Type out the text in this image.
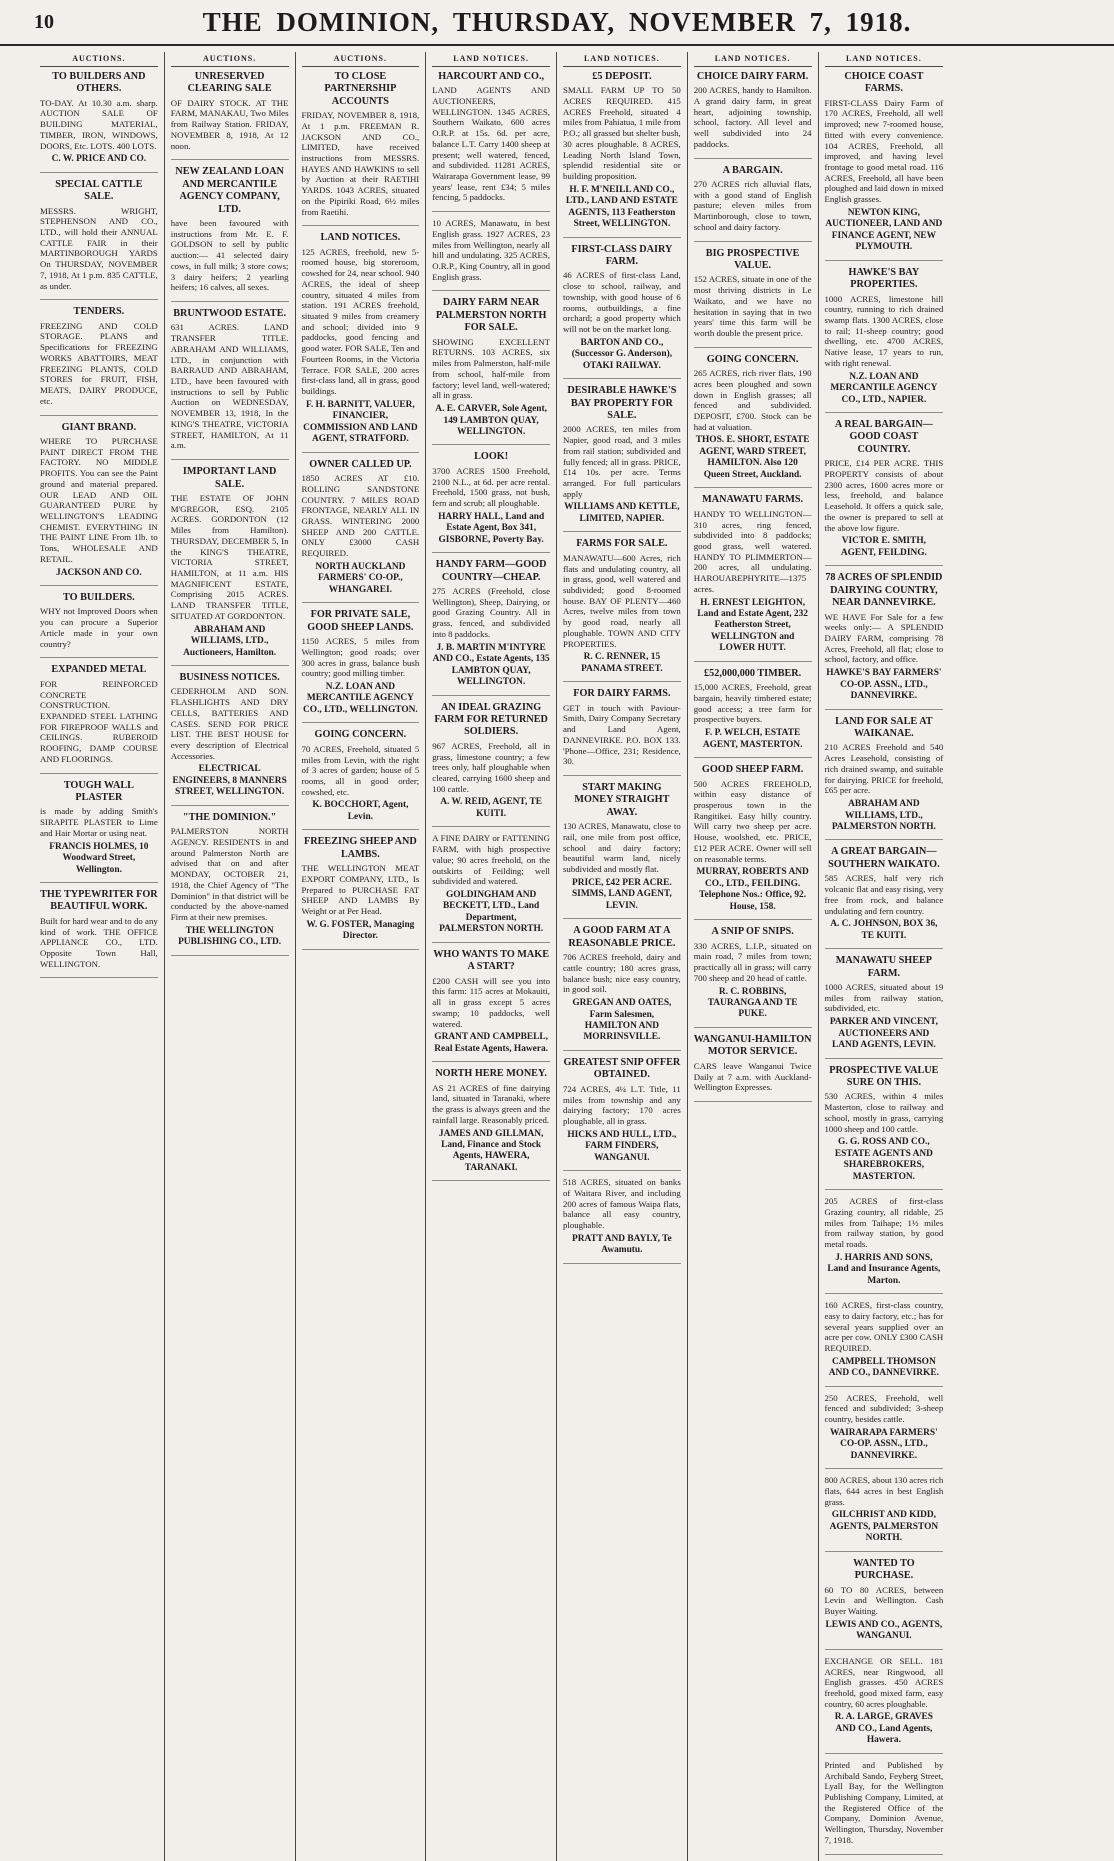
10	THE DOMINION, THURSDAY, NOVEMBER 7, 1918.
AUCTIONS.
TO BUILDERS AND OTHERS.

TO-DAY. At 10.30 a.m. sharp. AUCTION SALE OF BUILDING MATERIAL, TIMBER, IRON, WINDOWS, DOORS, Etc. LOTS. 400 LOTS.

C. W. PRICE AND CO.
SPECIAL CATTLE SALE.

MESSRS. WRIGHT, STEPHENSON AND CO., LTD., will hold their ANNUAL CATTLE FAIR in their MARTINBOROUGH YARDS On THURSDAY, NOVEMBER 7, 1918, At 1 p.m. 835 CATTLE, as under.

TENDERS.

FREEZING AND COLD STORAGE. PLANS and Specifications for FREEZING WORKS ABATTOIRS, MEAT FREEZING PLANTS, COLD STORES for FRUIT, FISH, MEATS, DAIRY PRODUCE, etc.

GIANT BRAND.

WHERE TO PURCHASE PAINT DIRECT FROM THE FACTORY. NO MIDDLE PROFITS. You can see the Paint ground and material prepared. OUR LEAD AND OIL GUARANTEED PURE by WELLINGTON'S LEADING CHEMIST. EVERYTHING IN THE PAINT LINE From 1lb. to Tons, WHOLESALE AND RETAIL.

JACKSON AND CO.
TO BUILDERS.

WHY not Improved Doors when you can procure a Superior Article made in your own country?

EXPANDED METAL

FOR REINFORCED CONCRETE CONSTRUCTION. EXPANDED STEEL LATHING FOR FIREPROOF WALLS and CEILINGS. RUBEROID ROOFING, DAMP COURSE AND FLOORINGS.

TOUGH WALL PLASTER

is made by adding Smith's SIRAPITE PLASTER to Lime and Hair Mortar or using neat.

FRANCIS HOLMES, 10 Woodward Street, Wellington.
THE TYPEWRITER FOR BEAUTIFUL WORK.

Built for hard wear and to do any kind of work. THE OFFICE APPLIANCE CO., LTD. Opposite Town Hall, WELLINGTON.

AUCTIONS.
UNRESERVED CLEARING SALE

OF DAIRY STOCK. AT THE FARM, MANAKAU, Two Miles from Railway Station. FRIDAY, NOVEMBER 8, 1918, At 12 noon.

NEW ZEALAND LOAN AND MERCANTILE AGENCY COMPANY, LTD.

have been favoured with instructions from Mr. E. F. GOLDSON to sell by public auction:— 41 selected dairy cows, in full milk; 3 store cows; 3 dairy heifers; 2 yearling heifers; 16 calves, all sexes.

BRUNTWOOD ESTATE.

631 ACRES. LAND TRANSFER TITLE. ABRAHAM AND WILLIAMS, LTD., in conjunction with BARRAUD AND ABRAHAM, LTD., have been favoured with instructions to sell by Public Auction on WEDNESDAY, NOVEMBER 13, 1918, In the KING'S THEATRE, VICTORIA STREET, HAMILTON, At 11 a.m.

IMPORTANT LAND SALE.

THE ESTATE OF JOHN M'GREGOR, ESQ. 2105 ACRES. GORDONTON (12 Miles from Hamilton). THURSDAY, DECEMBER 5, In the KING'S THEATRE, VICTORIA STREET, HAMILTON, at 11 a.m. HIS MAGNIFICENT ESTATE, Comprising 2015 ACRES. LAND TRANSFER TITLE, SITUATED AT GORDONTON.

ABRAHAM AND WILLIAMS, LTD., Auctioneers, Hamilton.
BUSINESS NOTICES.

CEDERHOLM AND SON. FLASHLIGHTS AND DRY CELLS, BATTERIES AND CASES. SEND FOR PRICE LIST. THE BEST HOUSE for every description of Electrical Accessories.

ELECTRICAL ENGINEERS, 8 MANNERS STREET, WELLINGTON.
"THE DOMINION."

PALMERSTON NORTH AGENCY. RESIDENTS in and around Palmerston North are advised that on and after MONDAY, OCTOBER 21, 1918, the Chief Agency of "The Dominion" in that district will be conducted by the above-named Firm at their new premises.

THE WELLINGTON PUBLISHING CO., LTD.
AUCTIONS.
TO CLOSE PARTNERSHIP ACCOUNTS

FRIDAY, NOVEMBER 8, 1918, At 1 p.m. FREEMAN R. JACKSON AND CO., LIMITED, have received instructions from MESSRS. HAYES AND HAWKINS to sell by Auction at their RAETIHI YARDS. 1043 ACRES, situated on the Pipiriki Road, 6½ miles from Raetihi.

LAND NOTICES.

125 ACRES, freehold, new 5-roomed house, big storeroom, cowshed for 24, near school. 940 ACRES, the ideal of sheep country, situated 4 miles from station. 191 ACRES freehold, situated 9 miles from creamery and school; divided into 9 paddocks, good fencing and good water. FOR SALE, Ten and Fourteen Rooms, in the Victoria Terrace. FOR SALE, 200 acres first-class land, all in grass, good buildings.

F. H. BARNITT, VALUER, FINANCIER, COMMISSION AND LAND AGENT, STRATFORD.
OWNER CALLED UP.

1850 ACRES AT £10. ROLLING SANDSTONE COUNTRY. 7 MILES ROAD FRONTAGE, NEARLY ALL IN GRASS. WINTERING 2000 SHEEP AND 200 CATTLE. ONLY £3000 CASH REQUIRED.

NORTH AUCKLAND FARMERS' CO-OP., WHANGAREI.
FOR PRIVATE SALE, GOOD SHEEP LANDS.

1150 ACRES, 5 miles from Wellington; good roads; over 300 acres in grass, balance bush country; good milling timber.

N.Z. LOAN AND MERCANTILE AGENCY CO., LTD., WELLINGTON.
GOING CONCERN.

70 ACRES, Freehold, situated 5 miles from Levin, with the right of 3 acres of garden; house of 5 rooms, all in good order; cowshed, etc.

K. BOCCHORT, Agent, Levin.
FREEZING SHEEP AND LAMBS.

THE WELLINGTON MEAT EXPORT COMPANY, LTD., Is Prepared to PURCHASE FAT SHEEP AND LAMBS By Weight or at Per Head.

W. G. FOSTER, Managing Director.
LAND NOTICES.
HARCOURT AND CO.,

LAND AGENTS AND AUCTIONEERS, WELLINGTON. 1345 ACRES, Southern Waikato, 600 acres O.R.P. at 15s. 6d. per acre, balance L.T. Carry 1400 sheep at present; well watered, fenced, and subdivided. 11281 ACRES, Wairarapa Government lease, 99 years' lease, rent £34; 5 miles fencing, 5 paddocks.

10 ACRES, Manawatu, in best English grass. 1927 ACRES, 23 miles from Wellington, nearly all hill and undulating. 325 ACRES, O.R.P., King Country, all in good English grass.

DAIRY FARM NEAR PALMERSTON NORTH FOR SALE.

SHOWING EXCELLENT RETURNS. 103 ACRES, six miles from Palmerston, half-mile from school, half-mile from factory; level land, well-watered; all in grass.

A. E. CARVER, Sole Agent, 149 LAMBTON QUAY, WELLINGTON.
LOOK!

3700 ACRES 1500 Freehold, 2100 N.L., at 6d. per acre rental. Freehold, 1500 grass, not bush, fern and scrub; all ploughable.

HARRY HALL, Land and Estate Agent, Box 341, GISBORNE, Poverty Bay.
HANDY FARM—GOOD COUNTRY—CHEAP.

275 ACRES (Freehold, close Wellington), Sheep, Dairying, or good Grazing Country. All in grass, fenced, and subdivided into 8 paddocks.

J. B. MARTIN M'INTYRE AND CO., Estate Agents, 135 LAMBTON QUAY, WELLINGTON.
AN IDEAL GRAZING FARM FOR RETURNED SOLDIERS.

967 ACRES, Freehold, all in grass, limestone country; a few trees only, half ploughable when cleared, carrying 1600 sheep and 100 cattle.

A. W. REID, AGENT, TE KUITI.

A FINE DAIRY or FATTENING FARM, with high prospective value; 90 acres freehold, on the outskirts of Feilding; well subdivided and watered.

GOLDINGHAM AND BECKETT, LTD., Land Department, PALMERSTON NORTH.
WHO WANTS TO MAKE A START?

£200 CASH will see you into this farm: 115 acres at Mokauiti, all in grass except 5 acres swamp; 10 paddocks, well watered.

GRANT AND CAMPBELL, Real Estate Agents, Hawera.
NORTH HERE MONEY.

AS 21 ACRES of fine dairying land, situated in Taranaki, where the grass is always green and the rainfall large. Reasonably priced.

JAMES AND GILLMAN, Land, Finance and Stock Agents, HAWERA, TARANAKI.
LAND NOTICES.
£5 DEPOSIT.

SMALL FARM UP TO 50 ACRES REQUIRED. 415 ACRES Freehold, situated 4 miles from Pahiatua, 1 mile from P.O.; all grassed but shelter bush, 30 acres ploughable. 8 ACRES, Leading North Island Town, splendid residential site or building proposition.

H. F. M'NEILL AND CO., LTD., LAND AND ESTATE AGENTS, 113 Featherston Street, WELLINGTON.
FIRST-CLASS DAIRY FARM.

46 ACRES of first-class Land, close to school, railway, and township, with good house of 6 rooms, outbuildings, a fine orchard; a good property which will not be on the market long.

BARTON AND CO., (Successor G. Anderson), OTAKI RAILWAY.
DESIRABLE HAWKE'S BAY PROPERTY FOR SALE.

2000 ACRES, ten miles from Napier, good road, and 3 miles from rail station; subdivided and fully fenced; all in grass. PRICE, £14 10s. per acre. Terms arranged. For full particulars apply

WILLIAMS AND KETTLE, LIMITED, NAPIER.
FARMS FOR SALE.

MANAWATU—600 Acres, rich flats and undulating country, all in grass, good, well watered and subdivided; good 8-roomed house. BAY OF PLENTY—460 Acres, twelve miles from town by good road, nearly all ploughable. TOWN AND CITY PROPERTIES.

R. C. RENNER, 15 PANAMA STREET.
FOR DAIRY FARMS.

GET in touch with Paviour-Smith, Dairy Company Secretary and Land Agent, DANNEVIRKE. P.O. BOX 133. 'Phone—Office, 231; Residence, 30.

START MAKING MONEY STRAIGHT AWAY.

130 ACRES, Manawatu, close to rail, one mile from post office, school and dairy factory; beautiful warm land, nicely subdivided and mostly flat.

PRICE, £42 PER ACRE. SIMMS, LAND AGENT, LEVIN.
A GOOD FARM AT A REASONABLE PRICE.

706 ACRES freehold, dairy and cattle country; 180 acres grass, balance bush; nice easy country, in good soil.

GREGAN AND OATES, Farm Salesmen, HAMILTON AND MORRINSVILLE.
GREATEST SNIP OFFER OBTAINED.

724 ACRES, 4¼ L.T. Title, 11 miles from township and any dairying factory; 170 acres ploughable, all in grass.

HICKS AND HULL, LTD., FARM FINDERS, WANGANUI.

518 ACRES, situated on banks of Waitara River, and including 200 acres of famous Waipa flats, balance all easy country, ploughable.

PRATT AND BAYLY, Te Awamutu.
LAND NOTICES.
CHOICE DAIRY FARM.

200 ACRES, handy to Hamilton. A grand dairy farm, in great heart, adjoining township, school, factory. All level and well subdivided into 24 paddocks.

A BARGAIN.

270 ACRES rich alluvial flats, with a good stand of English pasture; eleven miles from Martinborough, close to town, school and dairy factory.

BIG PROSPECTIVE VALUE.

152 ACRES, situate in one of the most thriving districts in Le Waikato, and we have no hesitation in saying that in two years' time this farm will be worth double the present price.

GOING CONCERN.

265 ACRES, rich river flats, 190 acres been ploughed and sown down in English grasses; all fenced and subdivided. DEPOSIT, £700. Stock can be had at valuation.

THOS. E. SHORT, ESTATE AGENT, WARD STREET, HAMILTON. Also 120 Queen Street, Auckland.
MANAWATU FARMS.

HANDY TO WELLINGTON—310 acres, ring fenced, subdivided into 8 paddocks; good grass, well watered. HANDY TO PLIMMERTON—200 acres, all undulating. HAROUAREPHYRITE—1375 acres.

H. ERNEST LEIGHTON, Land and Estate Agent, 232 Featherston Street, WELLINGTON and LOWER HUTT.
£52,000,000 TIMBER.

15,000 ACRES, Freehold, great bargain, heavily timbered estate; good access; a tree farm for prospective buyers.

F. P. WELCH, ESTATE AGENT, MASTERTON.
GOOD SHEEP FARM.

500 ACRES FREEHOLD, within easy distance of prosperous town in the Rangitikei. Easy hilly country. Will carry two sheep per acre. House, woolshed, etc. PRICE, £12 PER ACRE. Owner will sell on reasonable terms.

MURRAY, ROBERTS AND CO., LTD., FEILDING. Telephone Nos.: Office, 92. House, 158.
A SNIP OF SNIPS.

330 ACRES, L.I.P., situated on main road, 7 miles from town; practically all in grass; will carry 700 sheep and 20 head of cattle.

R. C. ROBBINS, TAURANGA AND TE PUKE.
WANGANUI-HAMILTON MOTOR SERVICE.

CARS leave Wanganui Twice Daily at 7 a.m. with Auckland-Wellington Expresses.

LAND NOTICES.
CHOICE COAST FARMS.

FIRST-CLASS Dairy Farm of 170 ACRES, Freehold, all well improved; new 7-roomed house, fitted with every convenience. 104 ACRES, Freehold, all improved, and having level frontage to good metal road. 116 ACRES, Freehold, all have been ploughed and laid down in mixed English grasses.

NEWTON KING, AUCTIONEER, LAND AND FINANCE AGENT, NEW PLYMOUTH.
HAWKE'S BAY PROPERTIES.

1000 ACRES, limestone hill country, running to rich drained swamp flats. 1300 ACRES, close to rail; 11-sheep country; good dwelling, etc. 4700 ACRES, Native lease, 17 years to run, with right renewal.

N.Z. LOAN AND MERCANTILE AGENCY CO., LTD., NAPIER.
A REAL BARGAIN—GOOD COAST COUNTRY.

PRICE, £14 PER ACRE. THIS PROPERTY consists of about 2300 acres, 1600 acres more or less, freehold, and balance Leasehold. It offers a quick sale, the owner is prepared to sell at the above low figure.

VICTOR E. SMITH, AGENT, FEILDING.
78 ACRES OF SPLENDID DAIRYING COUNTRY, NEAR DANNEVIRKE.

WE HAVE For Sale for a few weeks only:— A SPLENDID DAIRY FARM, comprising 78 Acres, Freehold, all flat; close to school, factory, and office.

HAWKE'S BAY FARMERS' CO-OP. ASSN., LTD., DANNEVIRKE.
LAND FOR SALE AT WAIKANAE.

210 ACRES Freehold and 540 Acres Leasehold, consisting of rich drained swamp, and suitable for dairying. PRICE for freehold, £65 per acre.

ABRAHAM AND WILLIAMS, LTD., PALMERSTON NORTH.
A GREAT BARGAIN—SOUTHERN WAIKATO.

585 ACRES, half very rich volcanic flat and easy rising, very free from rock, and balance undulating and fern country.

A. C. JOHNSON, BOX 36, TE KUITI.
MANAWATU SHEEP FARM.

1000 ACRES, situated about 19 miles from railway station, subdivided, etc.

PARKER AND VINCENT, AUCTIONEERS AND LAND AGENTS, LEVIN.
PROSPECTIVE VALUE SURE ON THIS.

530 ACRES, within 4 miles Masterton, close to railway and school, mostly in grass, carrying 1000 sheep and 100 cattle.

G. G. ROSS AND CO., ESTATE AGENTS AND SHAREBROKERS, MASTERTON.

205 ACRES of first-class Grazing country, all ridable, 25 miles from Taihape; 1½ miles from railway station, by good metal roads.

J. HARRIS AND SONS, Land and Insurance Agents, Marton.

160 ACRES, first-class country, easy to dairy factory, etc.; has for several years supplied over an acre per cow. ONLY £300 CASH REQUIRED.

CAMPBELL THOMSON AND CO., DANNEVIRKE.

250 ACRES, Freehold, well fenced and subdivided; 3-sheep country, besides cattle.

WAIRARAPA FARMERS' CO-OP. ASSN., LTD., DANNEVIRKE.

800 ACRES, about 130 acres rich flats, 644 acres in best English grass.

GILCHRIST AND KIDD, AGENTS, PALMERSTON NORTH.
WANTED TO PURCHASE.

60 TO 80 ACRES, between Levin and Wellington. Cash Buyer Waiting.

LEWIS AND CO., AGENTS, WANGANUI.

EXCHANGE OR SELL. 181 ACRES, near Ringwood, all English grasses. 450 ACRES freehold, good mixed farm, easy country, 60 acres ploughable.

R. A. LARGE, GRAVES AND CO., Land Agents, Hawera.

Printed and Published by Archibald Sando, Feyberg Street, Lyall Bay, for the Wellington Publishing Company, Limited, at the Registered Office of the Company, Dominion Avenue, Wellington, Thursday, November 7, 1918.
